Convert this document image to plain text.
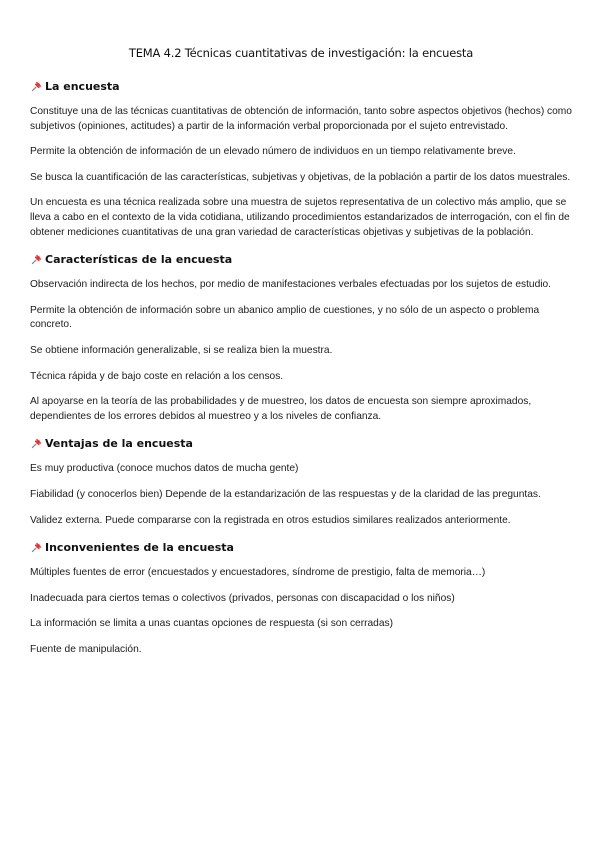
TEMA 4.2 Técnicas cuantitativas de investigación: la encuesta
La encuesta

Constituye una de las técnicas cuantitativas de obtención de información, tanto sobre aspectos objetivos (hechos) como subjetivos (opiniones, actitudes) a partir de la información verbal proporcionada por el sujeto entrevistado.

Permite la obtención de información de un elevado número de individuos en un tiempo relativamente breve.

Se busca la cuantificación de las características, subjetivas y objetivas, de la población a partir de los datos muestrales.

Un encuesta es una técnica realizada sobre una muestra de sujetos representativa de un colectivo más amplio, que se lleva a cabo en el contexto de la vida cotidiana, utilizando procedimientos estandarizados de interrogación, con el fin de obtener mediciones cuantitativas de una gran variedad de características objetivas y subjetivas de la población.

Características de la encuesta

Observación indirecta de los hechos, por medio de manifestaciones verbales efectuadas por los sujetos de estudio.

Permite la obtención de información sobre un abanico amplio de cuestiones, y no sólo de un aspecto o problema concreto.

Se obtiene información generalizable, si se realiza bien la muestra.

Técnica rápida y de bajo coste en relación a los censos.

Al apoyarse en la teoría de las probabilidades y de muestreo, los datos de encuesta son siempre aproximados, dependientes de los errores debidos al muestreo y a los niveles de confianza.

Ventajas de la encuesta

Es muy productiva (conoce muchos datos de mucha gente)

Fiabilidad (y conocerlos bien) Depende de la estandarización de las respuestas y de la claridad de las preguntas.

Validez externa. Puede compararse con la registrada en otros estudios similares realizados anteriormente.

Inconvenientes de la encuesta

Múltiples fuentes de error (encuestados y encuestadores, síndrome de prestigio, falta de memoria…)

Inadecuada para ciertos temas o colectivos (privados, personas con discapacidad o los niños)

La información se limita a unas cuantas opciones de respuesta (si son cerradas)

Fuente de manipulación.
